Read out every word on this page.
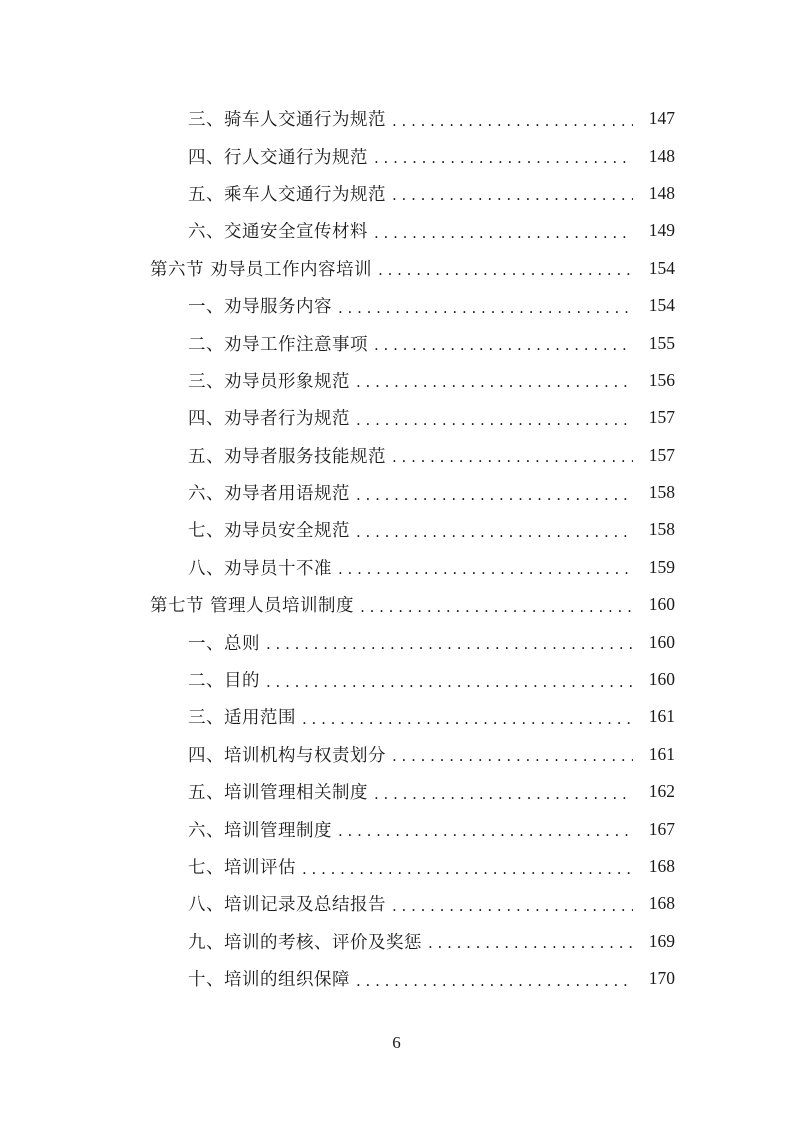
三、骑车人交通行为规范 . . .	147
四、行人交通行为规范 . . .	148
五、乘车人交通行为规范 . . .	148
六、交通安全宣传材料 . . .	149
第六节 劝导员工作内容培训 . . .	154
一、劝导服务内容 . . .	154
二、劝导工作注意事项 . . .	155
三、劝导员形象规范 . . .	156
四、劝导者行为规范 . . .	157
五、劝导者服务技能规范 . . .	157
六、劝导者用语规范 . . .	158
七、劝导员安全规范 . . .	158
八、劝导员十不准 . . .	159
第七节 管理人员培训制度 . . .	160
一、总则 . . .	160
二、目的 . . .	160
三、适用范围 . . .	161
四、培训机构与权责划分 . . .	161
五、培训管理相关制度 . . .	162
六、培训管理制度 . . .	167
七、培训评估 . . .	168
八、培训记录及总结报告 . . .	168
九、培训的考核、评价及奖惩 . . .	169
十、培训的组织保障 . . .	170
6
